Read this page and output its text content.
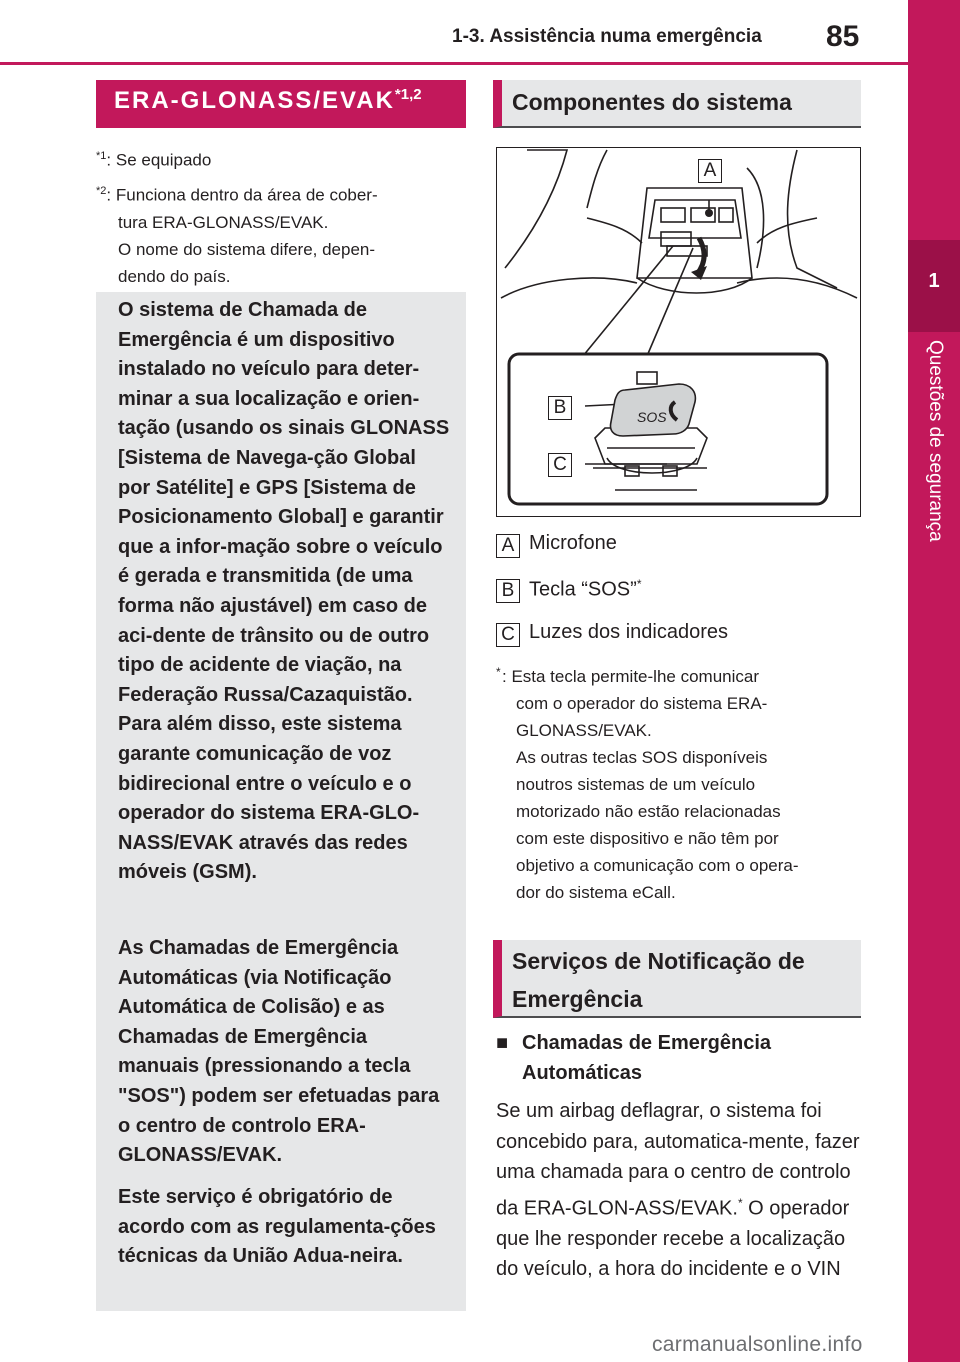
1-3. Assistência numa emergência 85
1
Questões de segurança
ERA-GLONASS/EVAK$^{*1,2}$
$^{*1}$: Se equipado
$^{*2}$: Funciona dentro da área de cober-
tura ERA-GLONASS/EVAK.
O nome do sistema difere, depen-
dendo do país.
O sistema de Chamada de Emergência é um dispositivo instalado no veículo para deter-minar a sua localização e orien-tação (usando os sinais GLONASS [Sistema de Navega-ção Global por Satélite] e GPS [Sistema de Posicionamento Global] e garantir que a infor-mação sobre o veículo é gerada e transmitida (de uma forma não ajustável) em caso de aci-dente de trânsito ou de outro tipo de acidente de viação, na Federação Russa/Cazaquistão. Para além disso, este sistema garante comunicação de voz bidirecional entre o veículo e o operador do sistema ERA-GLO-NASS/EVAK através das redes móveis (GSM).
As Chamadas de Emergência Automáticas (via Notificação Automática de Colisão) e as Chamadas de Emergência manuais (pressionando a tecla "SOS") podem ser efetuadas para o centro de controlo ERA-GLONASS/EVAK.
Este serviço é obrigatório de acordo com as regulamenta-ções técnicas da União Adua-neira.
Componentes do sistema
SOS
A
B
C
A Microfone
B Tecla “SOS”*
C Luzes dos indicadores
* : Esta tecla permite-lhe comunicar
com o operador do sistema ERA-
GLONASS/EVAK.
As outras teclas SOS disponíveis
noutros sistemas de um veículo
motorizado não estão relacionadas
com este dispositivo e não têm por
objetivo a comunicação com o opera-
dor do sistema eCall.
Serviços de Notificação de
Emergência
■ Chamadas de Emergência Automáticas
Se um airbag deflagrar, o sistema foi concebido para, automatica-mente, fazer uma chamada para o centro de controlo da ERA-GLON-ASS/EVAK.* O operador que lhe responder recebe a localização do veículo, a hora do incidente e o VIN
carmanualsonline.info
